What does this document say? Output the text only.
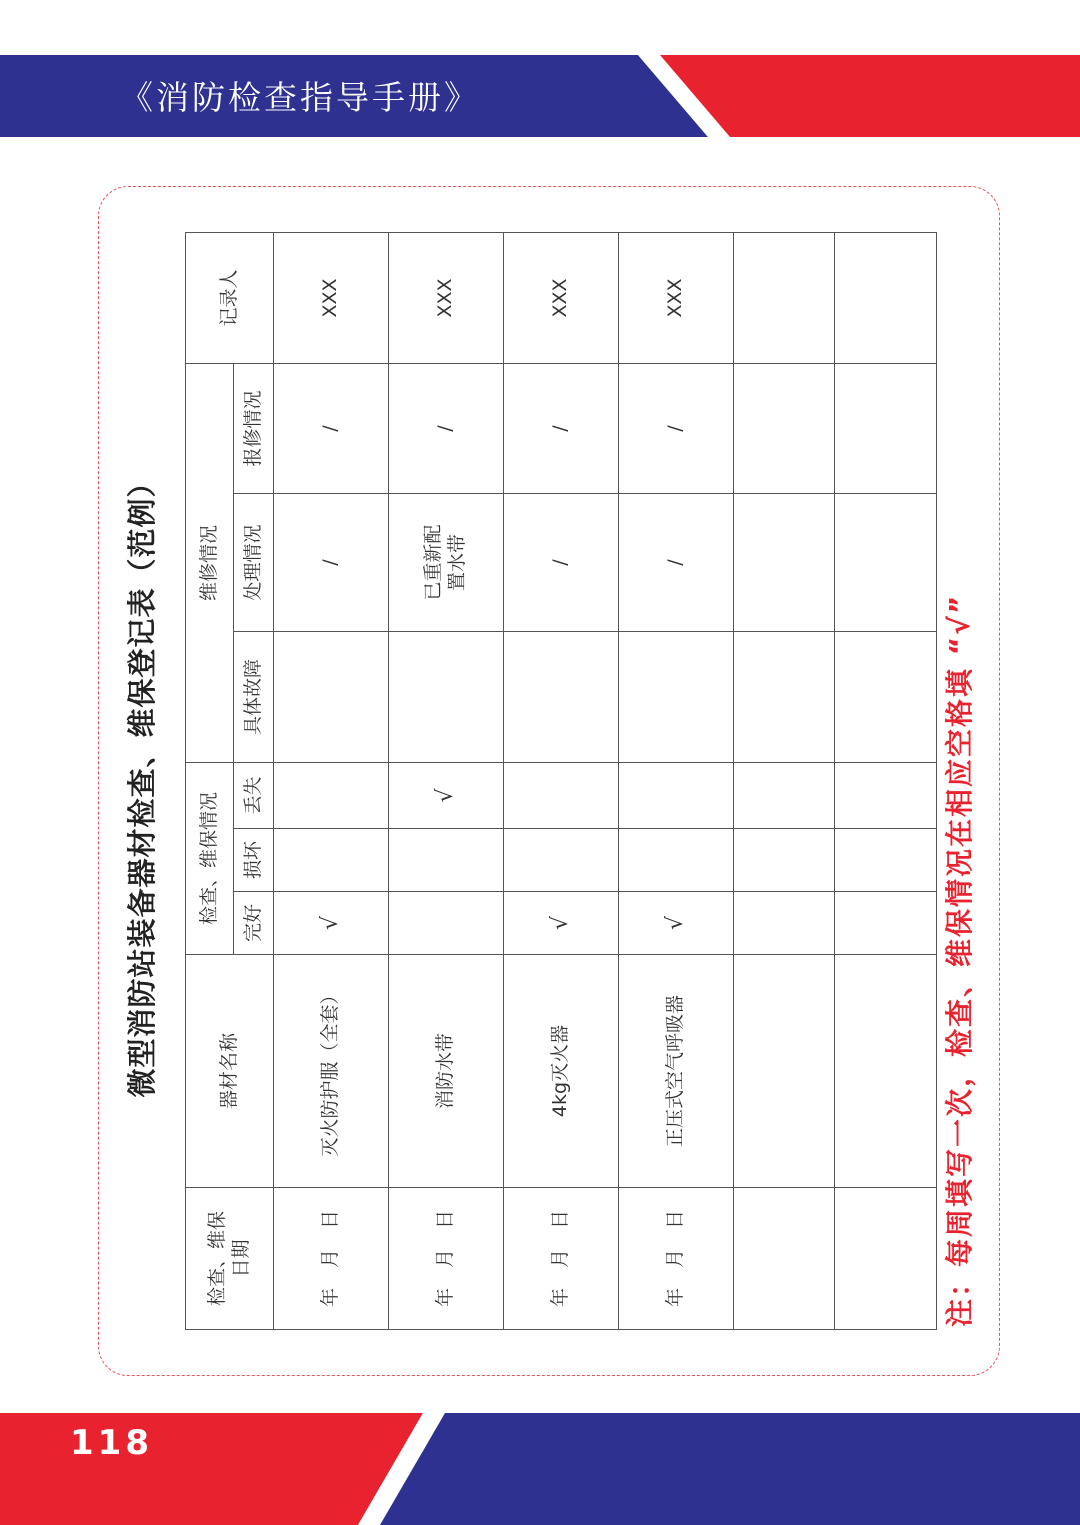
《消防检查指导手册》
微型消防站装备器材检查、维保登记表（范例）
检查、维保日期	器材名称	检查、维保情况			维修情况			记录人
		完好	损坏	丢失	具体故障	处理情况	报修情况	
年月日	灭火防护服（全套）	√				/	/	XXX
年月日	消防水带			√		已重新配置水带	/	XXX
年月日	4kg灭火器	√				/	/	XXX
年月日	正压式空气呼吸器	√				/	/	XXX

注：每周填写一次，检查、维保情况在相应空格填 “√”
